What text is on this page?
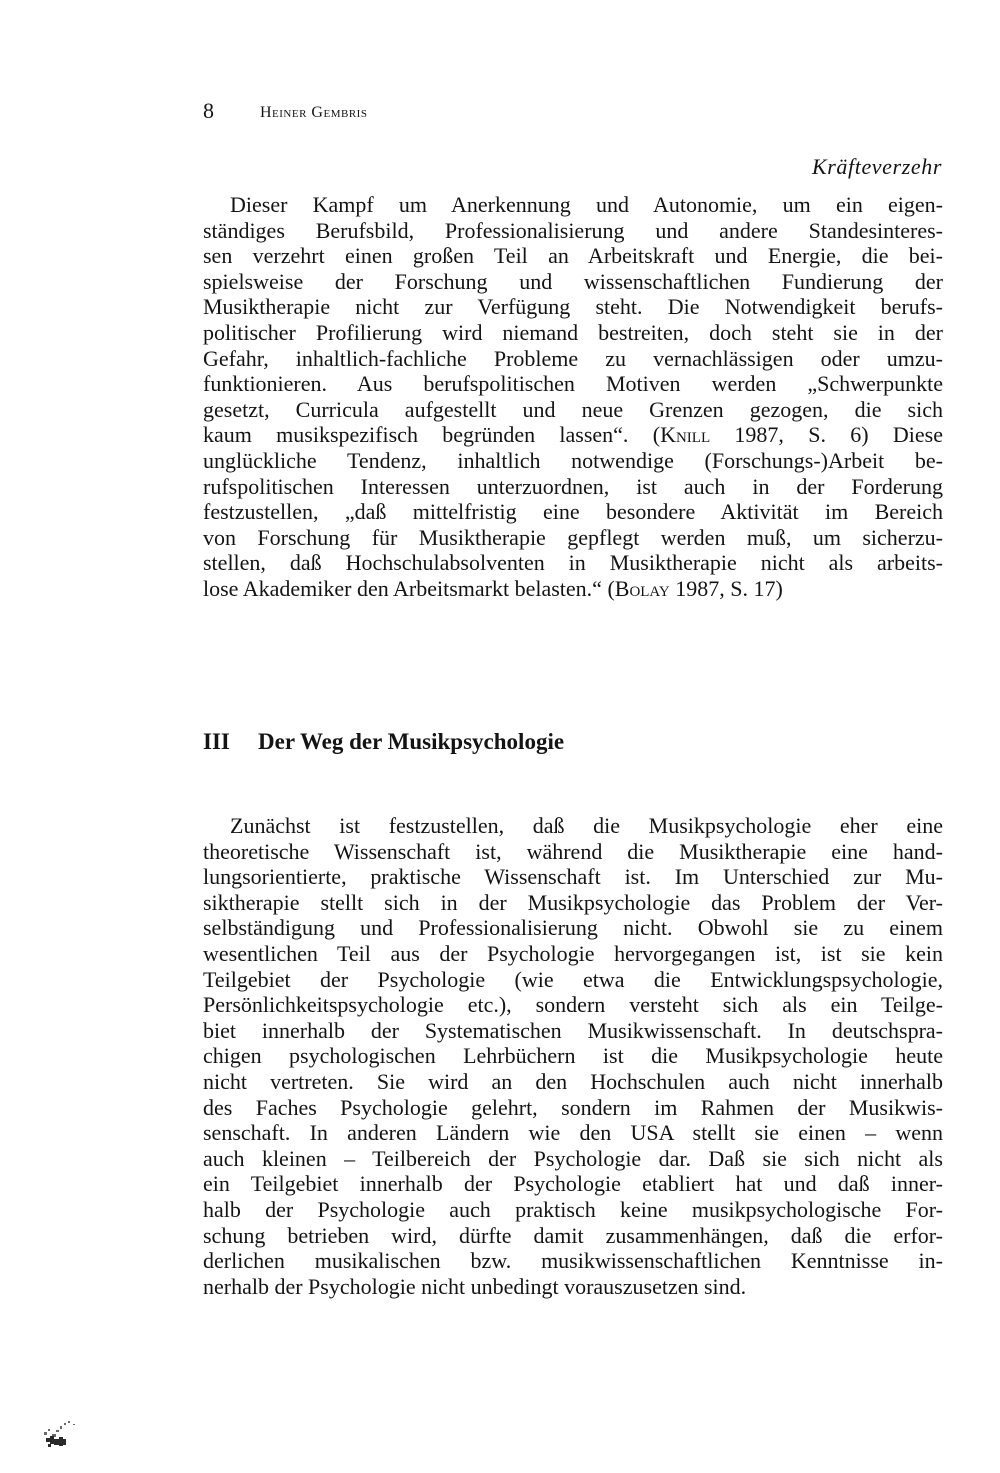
8	Heiner Gembris
Kräfteverzehr
Dieser Kampf um Anerkennung und Autonomie, um ein eigen-
ständiges Berufsbild, Professionalisierung und andere Standesinteres-
sen verzehrt einen großen Teil an Arbeitskraft und Energie, die bei-
spielsweise der Forschung und wissenschaftlichen Fundierung der
Musiktherapie nicht zur Verfügung steht. Die Notwendigkeit berufs-
politischer Profilierung wird niemand bestreiten, doch steht sie in der
Gefahr, inhaltlich-fachliche Probleme zu vernachlässigen oder umzu-
funktionieren. Aus berufspolitischen Motiven werden „Schwerpunkte
gesetzt, Curricula aufgestellt und neue Grenzen gezogen, die sich
kaum musikspezifisch begründen lassen“. (Knill 1987, S. 6) Diese
unglückliche Tendenz, inhaltlich notwendige (Forschungs-)Arbeit be-
rufspolitischen Interessen unterzuordnen, ist auch in der Forderung
festzustellen, „daß mittelfristig eine besondere Aktivität im Bereich
von Forschung für Musiktherapie gepflegt werden muß, um sicherzu-
stellen, daß Hochschulabsolventen in Musiktherapie nicht als arbeits-
lose Akademiker den Arbeitsmarkt belasten.“ (Bolay 1987, S. 17)
III Der Weg der Musikpsychologie
Zunächst ist festzustellen, daß die Musikpsychologie eher eine
theoretische Wissenschaft ist, während die Musiktherapie eine hand-
lungsorientierte, praktische Wissenschaft ist. Im Unterschied zur Mu-
siktherapie stellt sich in der Musikpsychologie das Problem der Ver-
selbständigung und Professionalisierung nicht. Obwohl sie zu einem
wesentlichen Teil aus der Psychologie hervorgegangen ist, ist sie kein
Teilgebiet der Psychologie (wie etwa die Entwicklungspsychologie,
Persönlichkeitspsychologie etc.), sondern versteht sich als ein Teilge-
biet innerhalb der Systematischen Musikwissenschaft. In deutschspra-
chigen psychologischen Lehrbüchern ist die Musikpsychologie heute
nicht vertreten. Sie wird an den Hochschulen auch nicht innerhalb
des Faches Psychologie gelehrt, sondern im Rahmen der Musikwis-
senschaft. In anderen Ländern wie den USA stellt sie einen – wenn
auch kleinen – Teilbereich der Psychologie dar. Daß sie sich nicht als
ein Teilgebiet innerhalb der Psychologie etabliert hat und daß inner-
halb der Psychologie auch praktisch keine musikpsychologische For-
schung betrieben wird, dürfte damit zusammenhängen, daß die erfor-
derlichen musikalischen bzw. musikwissenschaftlichen Kenntnisse in-
nerhalb der Psychologie nicht unbedingt vorauszusetzen sind.
